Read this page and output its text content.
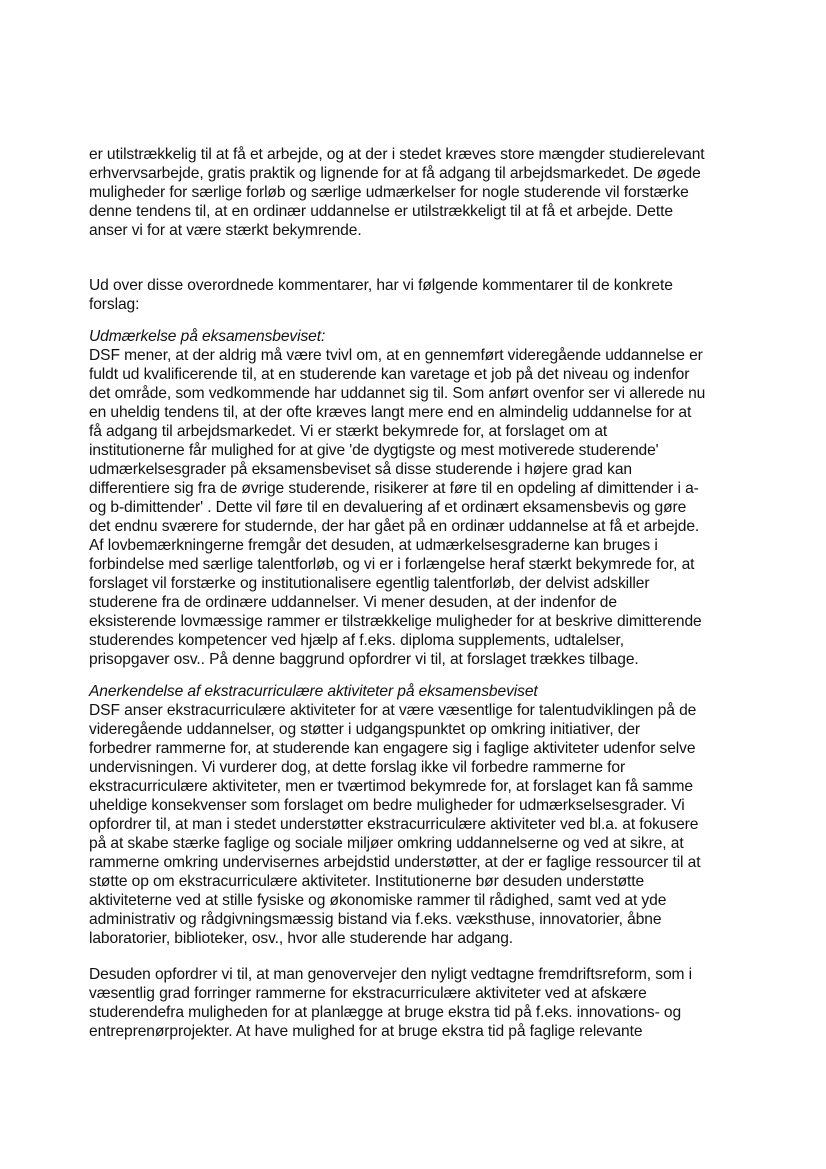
er utilstrækkelig til at få et arbejde, og at der i stedet kræves store mængder studierelevant
erhvervsarbejde, gratis praktik og lignende for at få adgang til arbejdsmarkedet. De øgede
muligheder for særlige forløb og særlige udmærkelser for nogle studerende vil forstærke
denne tendens til, at en ordinær uddannelse er utilstrækkeligt til at få et arbejde. Dette
anser vi for at være stærkt bekymrende.
Ud over disse overordnede kommentarer, har vi følgende kommentarer til de konkrete
forslag:
Udmærkelse på eksamensbeviset:
DSF mener, at der aldrig må være tvivl om, at en gennemført videregående uddannelse er
fuldt ud kvalificerende til, at en studerende kan varetage et job på det niveau og indenfor
det område, som vedkommende har uddannet sig til. Som anført ovenfor ser vi allerede nu
en uheldig tendens til, at der ofte kræves langt mere end en almindelig uddannelse for at
få adgang til arbejdsmarkedet. Vi er stærkt bekymrede for, at forslaget om at
institutionerne får mulighed for at give 'de dygtigste og mest motiverede studerende'
udmærkelsesgrader på eksamensbeviset så disse studerende i højere grad kan
differentiere sig fra de øvrige studerende, risikerer at føre til en opdeling af dimittender i a-
og b-dimittender' . Dette vil føre til en devaluering af et ordinært eksamensbevis og gøre
det endnu sværere for studernde, der har gået på en ordinær uddannelse at få et arbejde.
Af lovbemærkningerne fremgår det desuden, at udmærkelsesgraderne kan bruges i
forbindelse med særlige talentforløb, og vi er i forlængelse heraf stærkt bekymrede for, at
forslaget vil forstærke og institutionalisere egentlig talentforløb, der delvist adskiller
studerene fra de ordinære uddannelser. Vi mener desuden, at der indenfor de
eksisterende lovmæssige rammer er tilstrækkelige muligheder for at beskrive dimitterende
studerendes kompetencer ved hjælp af f.eks. diploma supplements, udtalelser,
prisopgaver osv.. På denne baggrund opfordrer vi til, at forslaget trækkes tilbage.
Anerkendelse af ekstracurriculære aktiviteter på eksamensbeviset
DSF anser ekstracurriculære aktiviteter for at være væsentlige for talentudviklingen på de
videregående uddannelser, og støtter i udgangspunktet op omkring initiativer, der
forbedrer rammerne for, at studerende kan engagere sig i faglige aktiviteter udenfor selve
undervisningen. Vi vurderer dog, at dette forslag ikke vil forbedre rammerne for
ekstracurriculære aktiviteter, men er tværtimod bekymrede for, at forslaget kan få samme
uheldige konsekvenser som forslaget om bedre muligheder for udmærkselsesgrader. Vi
opfordrer til, at man i stedet understøtter ekstracurriculære aktiviteter ved bl.a. at fokusere
på at skabe stærke faglige og sociale miljøer omkring uddannelserne og ved at sikre, at
rammerne omkring undervisernes arbejdstid understøtter, at der er faglige ressourcer til at
støtte op om ekstracurriculære aktiviteter. Institutionerne bør desuden understøtte
aktiviteterne ved at stille fysiske og økonomiske rammer til rådighed, samt ved at yde
administrativ og rådgivningsmæssig bistand via f.eks. væksthuse, innovatorier, åbne
laboratorier, biblioteker, osv., hvor alle studerende har adgang.
Desuden opfordrer vi til, at man genovervejer den nyligt vedtagne fremdriftsreform, som i
væsentlig grad forringer rammerne for ekstracurriculære aktiviteter ved at afskære
studerendefra muligheden for at planlægge at bruge ekstra tid på f.eks. innovations- og
entreprenørprojekter. At have mulighed for at bruge ekstra tid på faglige relevante
